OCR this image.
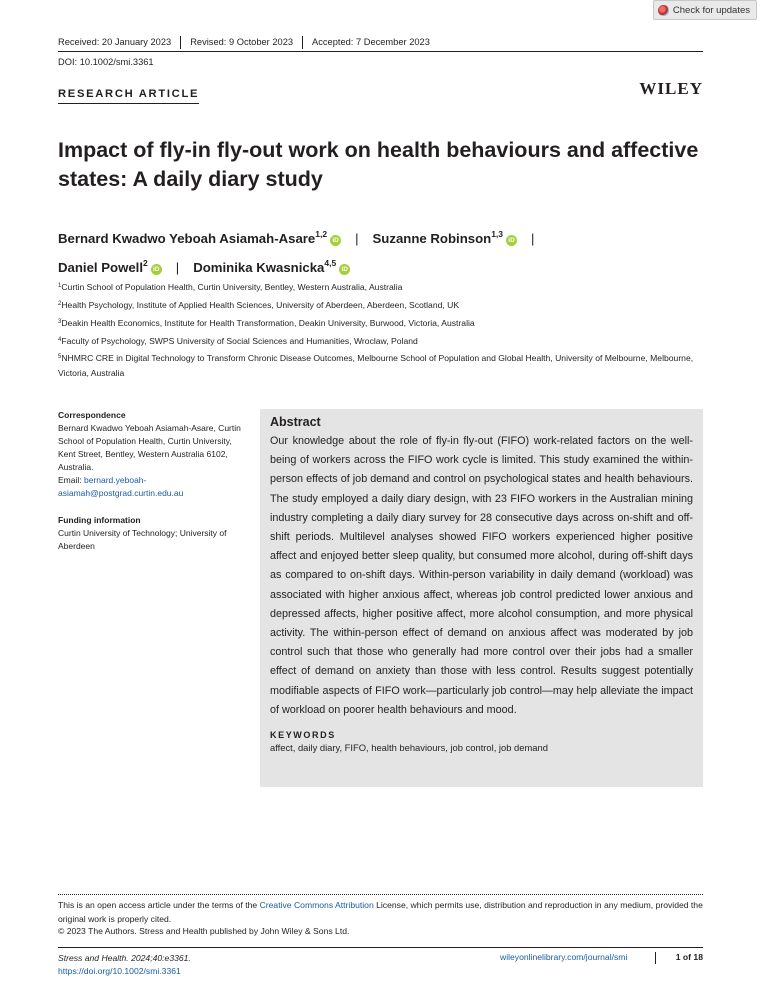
Check for updates
Received: 20 January 2023	Revised: 9 October 2023	Accepted: 7 December 2023
DOI: 10.1002/smi.3361
RESEARCH ARTICLE	WILEY
Impact of fly-in fly-out work on health behaviours and affective states: A daily diary study
Bernard Kwadwo Yeboah Asiamah-Asare$^{1,2}$iD | Suzanne Robinson$^{1,3}$iD |
Daniel Powell$^2$iD | Dominika Kwasnicka$^{4,5}$iD
$^1$Curtin School of Population Health, Curtin University, Bentley, Western Australia, Australia
$^2$Health Psychology, Institute of Applied Health Sciences, University of Aberdeen, Aberdeen, Scotland, UK
$^3$Deakin Health Economics, Institute for Health Transformation, Deakin University, Burwood, Victoria, Australia
$^4$Faculty of Psychology, SWPS University of Social Sciences and Humanities, Wroclaw, Poland
$^5$NHMRC CRE in Digital Technology to Transform Chronic Disease Outcomes, Melbourne School of Population and Global Health, University of Melbourne, Melbourne, Victoria, Australia
Correspondence

Bernard Kwadwo Yeboah Asiamah-Asare, Curtin School of Population Health, Curtin University, Kent Street, Bentley, Western Australia 6102, Australia.

Email: bernard.yeboah-asiamah@postgrad.curtin.edu.au

Funding information

Curtin University of Technology; University of Aberdeen

Abstract

Our knowledge about the role of fly-in fly-out (FIFO) work-related factors on the well-being of workers across the FIFO work cycle is limited. This study examined the within-person effects of job demand and control on psychological states and health behaviours. The study employed a daily diary design, with 23 FIFO workers in the Australian mining industry completing a daily diary survey for 28 consecutive days across on-shift and off-shift periods. Multilevel analyses showed FIFO workers experienced higher positive affect and enjoyed better sleep quality, but consumed more alcohol, during off-shift days as compared to on-shift days. Within-person variability in daily demand (workload) was associated with higher anxious affect, whereas job control predicted lower anxious and depressed affects, higher positive affect, more alcohol consumption, and more physical activity. The within-person effect of demand on anxious affect was moderated by job control such that those who generally had more control over their jobs had a smaller effect of demand on anxiety than those with less control. Results suggest potentially modifiable aspects of FIFO work—particularly job control—may help alleviate the impact of workload on poorer health behaviours and mood.

KEYWORDS
affect, daily diary, FIFO, health behaviours, job control, job demand
This is an open access article under the terms of the Creative Commons Attribution License, which permits use, distribution and reproduction in any medium, provided the original work is properly cited.
© 2023 The Authors. Stress and Health published by John Wiley & Sons Ltd.
Stress and Health. 2024;40:e3361.
https://doi.org/10.1002/smi.3361
wileyonlinelibrary.com/journal/smi	1 of 18
